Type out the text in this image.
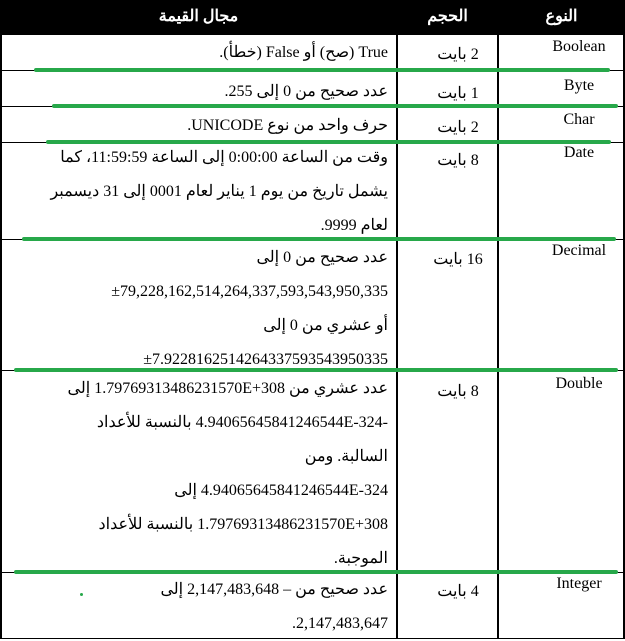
مجال القيمة	الحجم	النوع
Boolean
2 بايت
True (صح) أو False (خطأ).
Byte
1 بايت
عدد صحيح من 0 إلى 255.
Char
2 بايت
حرف واحد من نوع UNICODE.
Date
8 بايت
وقت من الساعة 0:00:00 إلى الساعة 11:59:59، كما
يشمل تاريخ من يوم 1 يناير لعام 0001 إلى 31 ديسمبر
لعام 9999.
Decimal
16 بايت
عدد صحيح من 0 إلى
±79,228,162,514,264,337,593,543,950,335
أو عشري من 0 إلى
±7.9228162514264337593543950335
Double
8 بايت
عدد عشري من 1.79769313486231570E+308 إلى
-4.94065645841246544E-324 بالنسبة للأعداد
السالبة. ومن
4.94065645841246544E-324 إلى
1.79769313486231570E+308 بالنسبة للأعداد
الموجبة.
Integer
4 بايت
عدد صحيح من – 2,147,483,648 إلى
2,147,483,647.
